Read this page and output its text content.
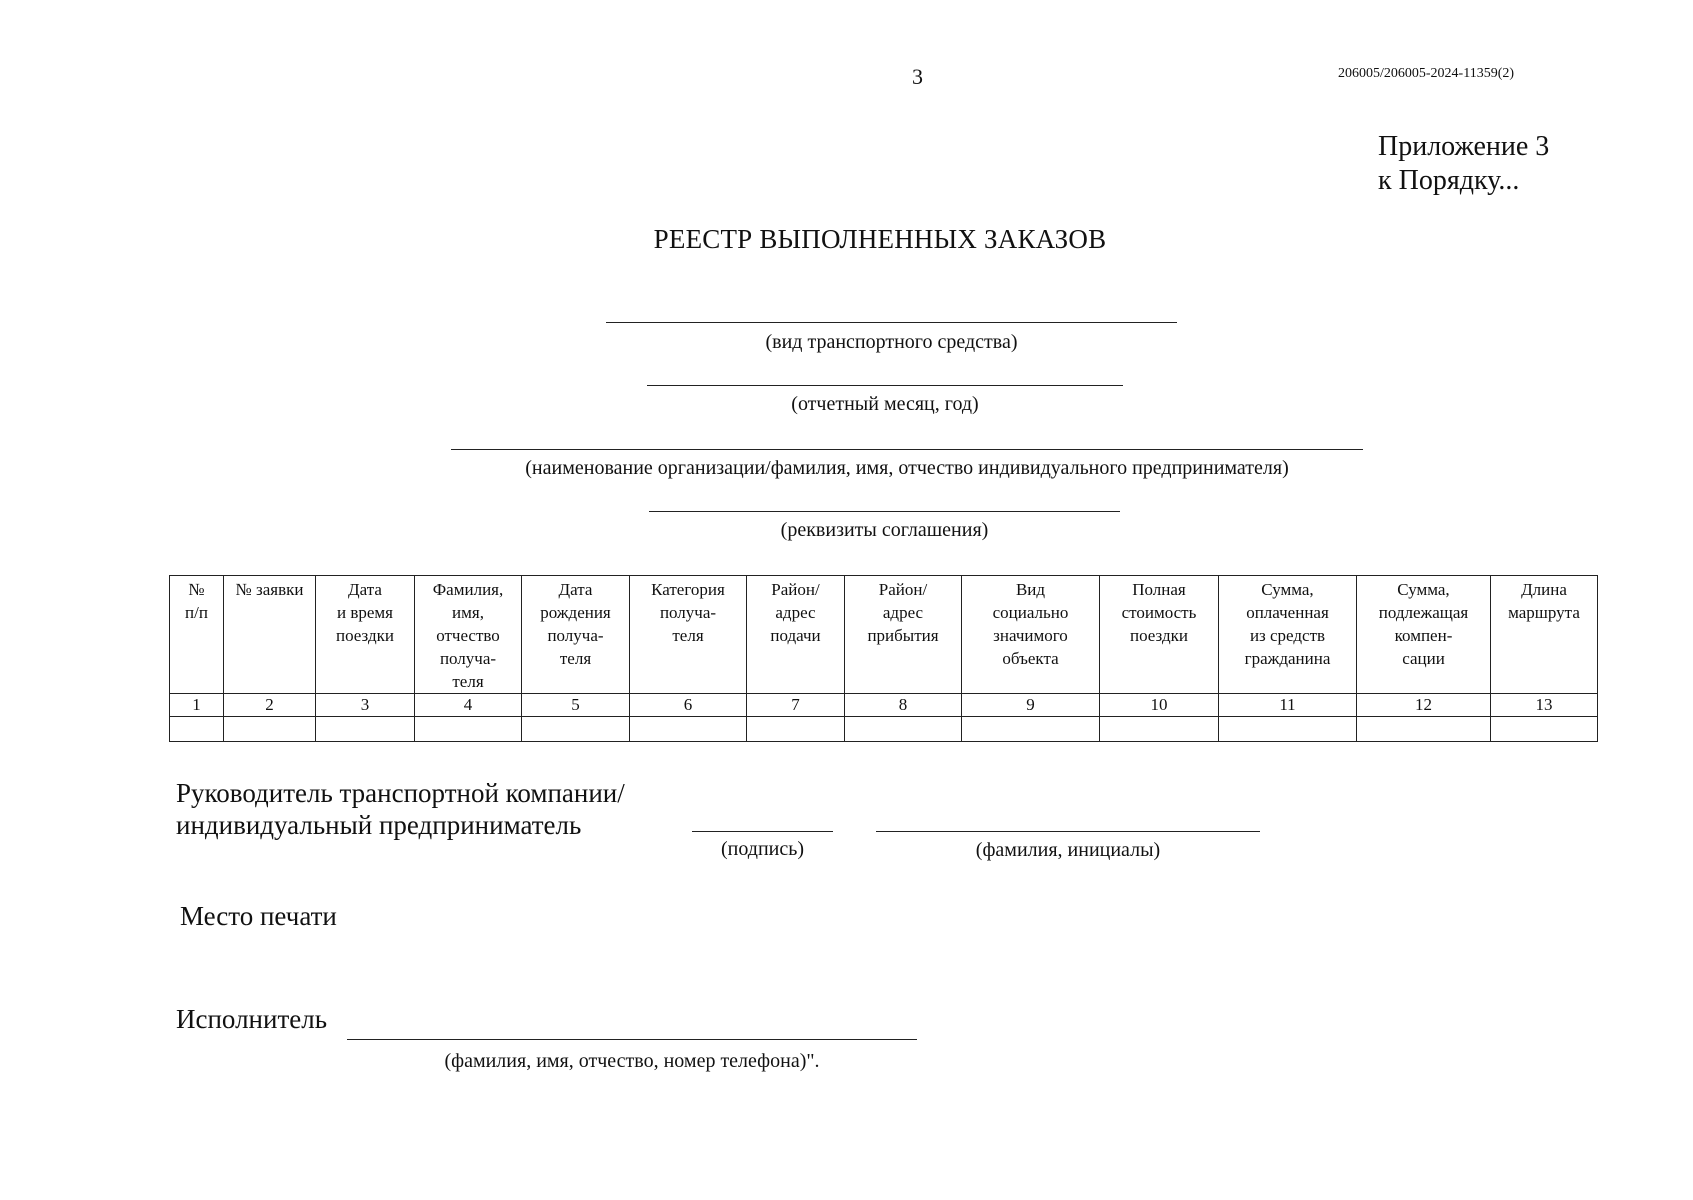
3	206005/206005-2024-11359(2)
Приложение 3
к Порядку...
РЕЕСТР ВЫПОЛНЕННЫХ ЗАКАЗОВ
(вид транспортного средства)
(отчетный месяц, год)
(наименование организации/фамилия, имя, отчество индивидуального предпринимателя)
(реквизиты соглашения)
№
п/п	№ заявки	Дата
и время
поездки	Фамилия,
имя,
отчество
получа-
теля	Дата
рождения
получа-
теля	Категория
получа-
теля	Район/
адрес
подачи	Район/
адрес
прибытия	Вид
социально
значимого
объекта	Полная
стоимость
поездки	Сумма,
оплаченная
из средств
гражданина	Сумма,
подлежащая
компен-
сации	Длина
маршрута
1	2	3	4	5	6	7	8	9	10	11	12	13

Руководитель транспортной компании/
индивидуальный предприниматель
(подпись)	(фамилия, инициалы)
Место печати
Исполнитель
(фамилия, имя, отчество, номер телефона)".
